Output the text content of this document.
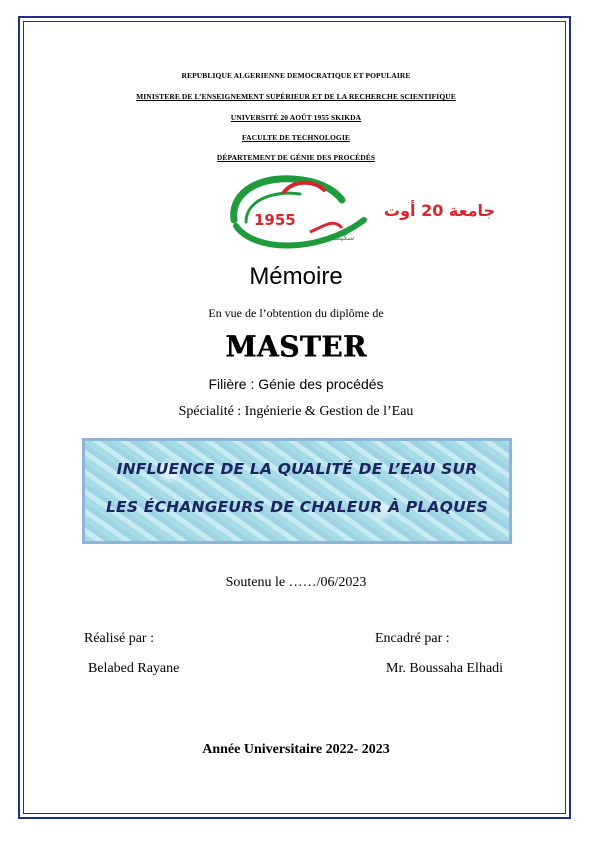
REPUBLIQUE ALGERIENNE DEMOCRATIQUE ET POPULAIRE
MINISTERE DE L’ENSEIGNEMENT SUPÉRIEUR ET DE LA RECHERCHE SCIENTIFIQUE
UNIVERSITÉ 20 AOÛT 1955 SKIKDA
FACULTE DE TECHNOLOGIE
DÉPARTEMENT DE GÉNIE DES PROCÉDÉS
1955	جامعة 20 أوت
سكيكدة
Mémoire
En vue de l’obtention du diplôme de
MASTER
Filière : Génie des procédés
Spécialité : Ingénierie & Gestion de l’Eau
INFLUENCE DE LA QUALITÉ DE L’EAU SUR
LES ÉCHANGEURS DE CHALEUR À PLAQUES
Soutenu le ……/06/2023
Réalisé par :
Belabed Rayane
Encadré par :
Mr. Boussaha Elhadi
Année Universitaire 2022- 2023
